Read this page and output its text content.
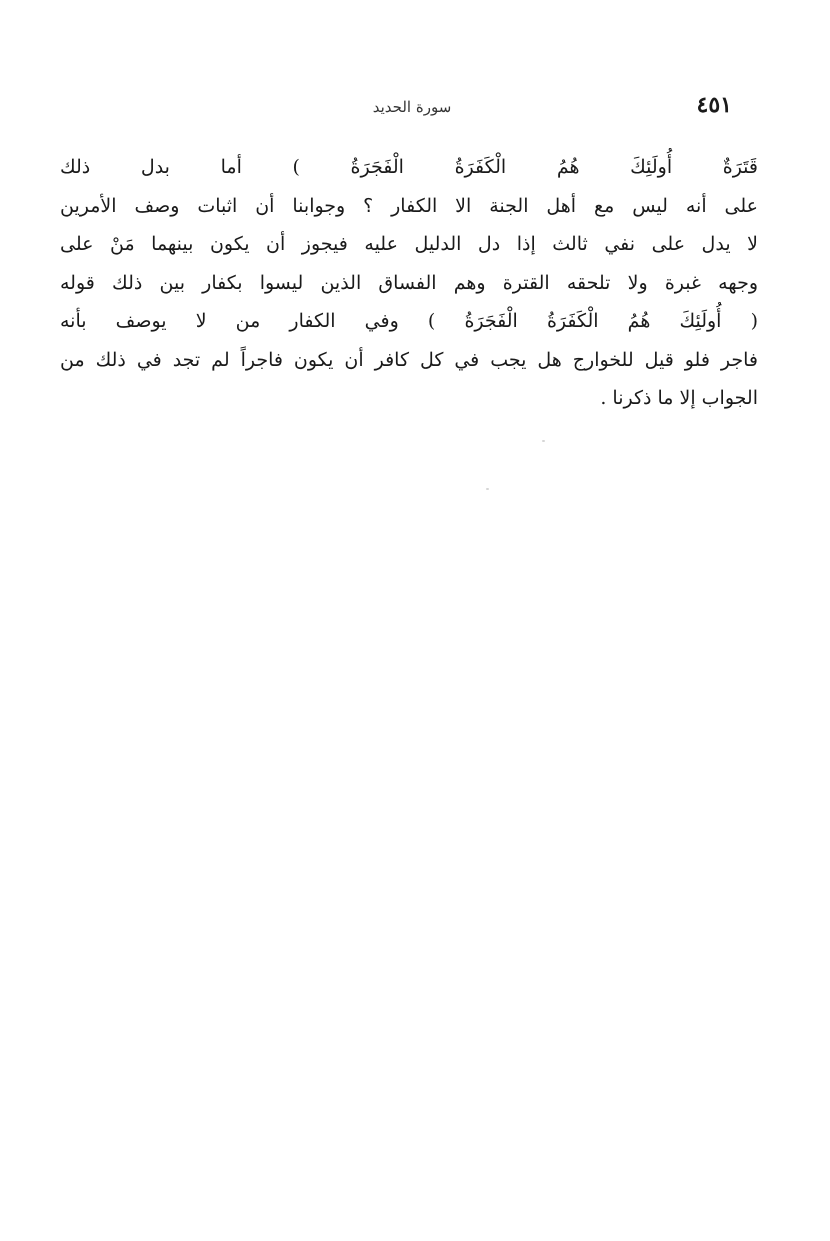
٤٥١
سورة الحديد
قَتَرَةٌ أُولَئِكَ هُمُ الْكَفَرَةُ الْفَجَرَةُ ) أما بدل ذلك
على أنه ليس مع أهل الجنة الا الكفار ؟ وجوابنا أن اثبات وصف الأمرين
لا يدل على نفي ثالث إذا دل الدليل عليه فيجوز أن يكون بينهما مَنْ على
وجهه غبرة ولا تلحقه القترة وهم الفساق الذين ليسوا بكفار بين ذلك قوله
( أُولَئِكَ هُمُ الْكَفَرَةُ الْفَجَرَةُ ) وفي الكفار من لا يوصف بأنه
فاجر فلو قيل للخوارج هل يجب في كل كافر أن يكون فاجراً لم تجد في ذلك من
الجواب إلا ما ذكرنا .
